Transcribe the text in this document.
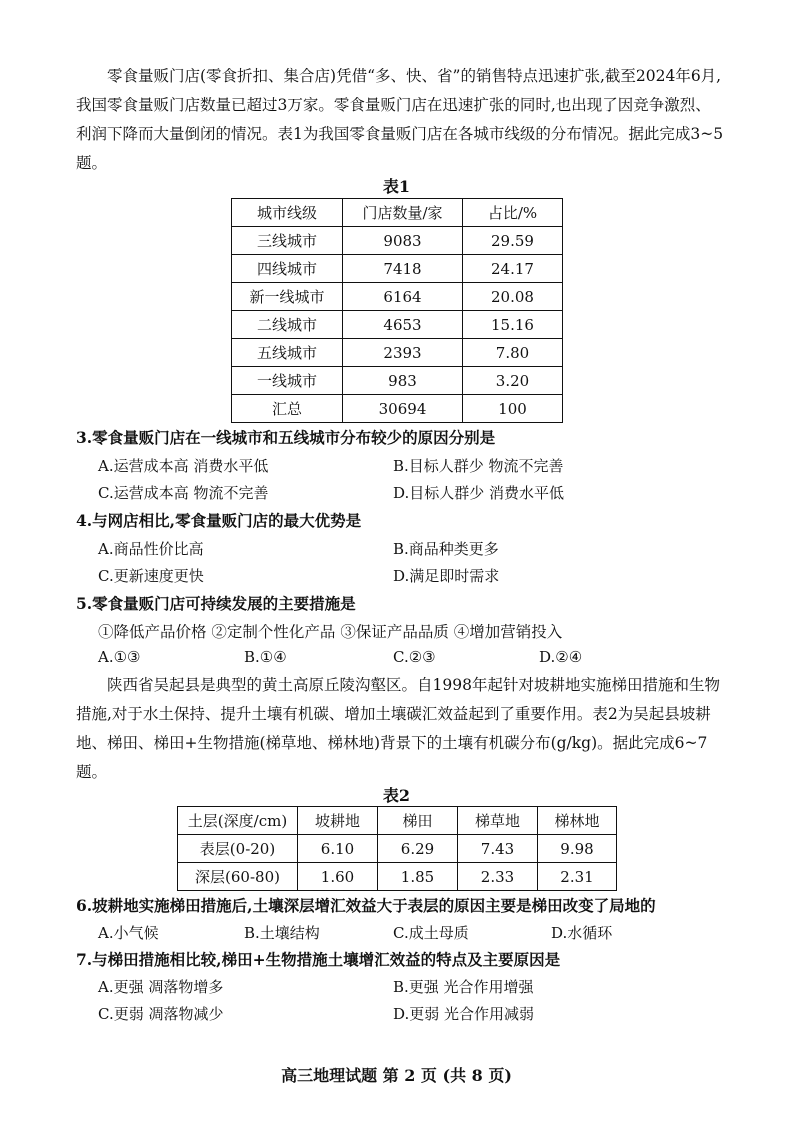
零食量贩门店(零食折扣、集合店)凭借“多、快、省”的销售特点迅速扩张,截至2024年6月,我国零食量贩门店数量已超过3万家。零食量贩门店在迅速扩张的同时,也出现了因竞争激烈、利润下降而大量倒闭的情况。表1为我国零食量贩门店在各城市线级的分布情况。据此完成3~5题。

表1
城市线级	门店数量/家	占比/%
三线城市	9083	29.59
四线城市	7418	24.17
新一线城市	6164	20.08
二线城市	4653	15.16
五线城市	2393	7.80
一线城市	983	3.20
汇总	30694	100
3.零食量贩门店在一线城市和五线城市分布较少的原因分别是
A.运营成本高 消费水平低	B.目标人群少 物流不完善
C.运营成本高 物流不完善	D.目标人群少 消费水平低
4.与网店相比,零食量贩门店的最大优势是
A.商品性价比高	B.商品种类更多
C.更新速度更快	D.满足即时需求
5.零食量贩门店可持续发展的主要措施是
①降低产品价格 ②定制个性化产品 ③保证产品品质 ④增加营销投入
A.①③	B.①④	C.②③	D.②④

陕西省吴起县是典型的黄土高原丘陵沟壑区。自1998年起针对坡耕地实施梯田措施和生物措施,对于水土保持、提升土壤有机碳、增加土壤碳汇效益起到了重要作用。表2为吴起县坡耕地、梯田、梯田+生物措施(梯草地、梯林地)背景下的土壤有机碳分布(g/kg)。据此完成6~7题。

表2
土层(深度/cm)	坡耕地	梯田	梯草地	梯林地
表层(0-20)	6.10	6.29	7.43	9.98
深层(60-80)	1.60	1.85	2.33	2.31
6.坡耕地实施梯田措施后,土壤深层增汇效益大于表层的原因主要是梯田改变了局地的
A.小气候	B.土壤结构	C.成土母质	D.水循环
7.与梯田措施相比较,梯田+生物措施土壤增汇效益的特点及主要原因是
A.更强 凋落物增多	B.更强 光合作用增强
C.更弱 凋落物减少	D.更弱 光合作用减弱
高三地理试题 第 2 页 (共 8 页)
